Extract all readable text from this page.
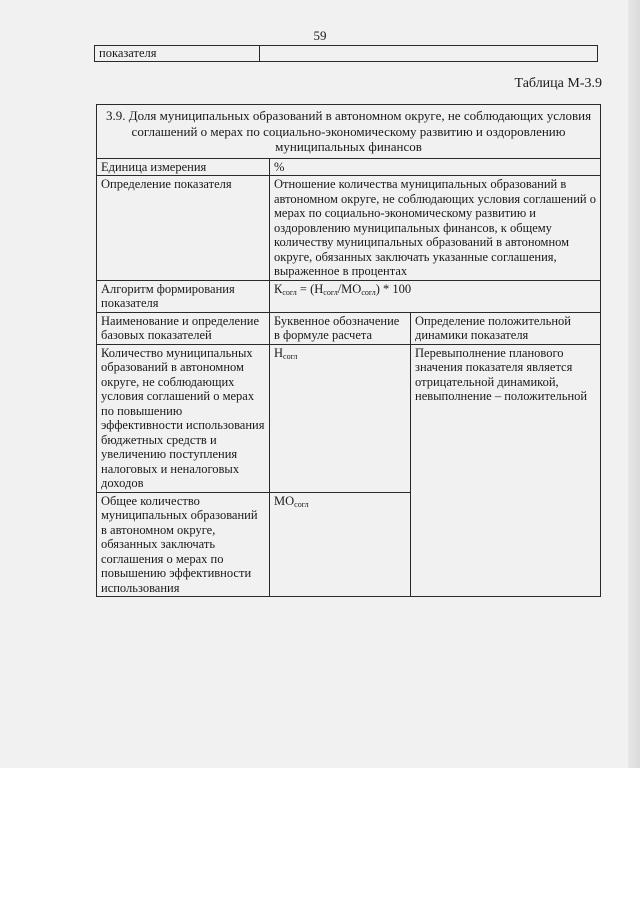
59
показателя
Таблица М-3.9
3.9. Доля муниципальных образований в автономном округе, не соблюдающих условия соглашений о мерах по социально-экономическому развитию и оздоровлению муниципальных финансов		
Единица измерения	%	
Определение показателя	Отношение количества муниципальных образований в автономном округе, не соблюдающих условия соглашений о мерах по социально-экономическому развитию и оздоровлению муниципальных финансов, к общему количеству муниципальных образований в автономном округе, обязанных заключать указанные соглашения, выраженное в процентах	
Алгоритм формирования показателя	$К_{согл} = (Н_{согл}/МО_{согл}) * 100$	
Наименование и определение базовых показателей	Буквенное обозначение в формуле расчета	Определение положительной динамики показателя
Количество муниципальных образований в автономном округе, не соблюдающих условия соглашений о мерах по повышению эффективности использования бюджетных средств и увеличению поступления налоговых и неналоговых доходов	$Н_{согл}$	Перевыполнение планового значения показателя является отрицательной динамикой, невыполнение – положительной
Общее количество муниципальных образований в автономном округе, обязанных заключать соглашения о мерах по повышению эффективности использования	$МО_{согл}$
